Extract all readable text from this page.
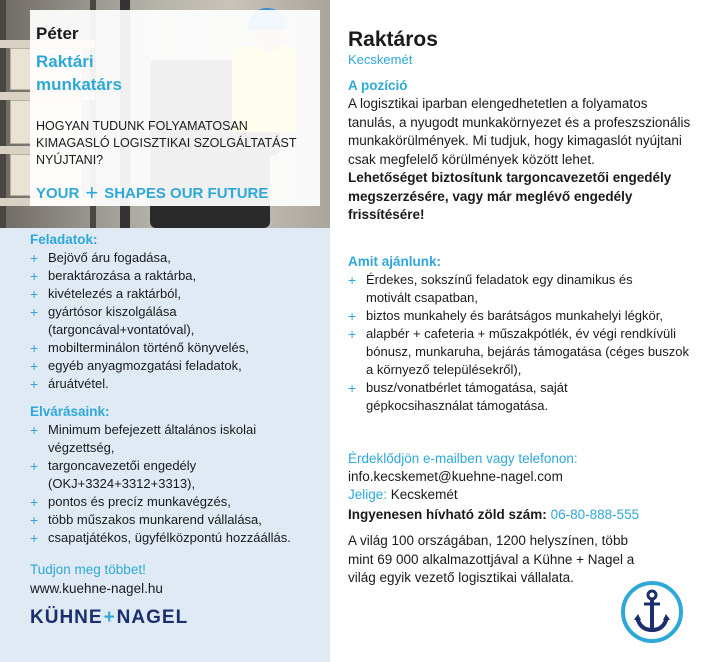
Péter
Raktári munkatárs
HOGYAN TUDUNK FOLYAMATOSAN KIMAGASLÓ LOGISZTIKAI SZOLGÁLTATÁST NYÚJTANI?
YOUR + SHAPES OUR FUTURE
Feladatok:
+ Bejövő áru fogadása,
+ beraktározása a raktárba,
+ kivételezés a raktárból,
+ gyártósor kiszolgálása (targoncával+vontatóval),
+ mobilterminálon történő könyvelés,
+ egyéb anyagmozgatási feladatok,
+ áruátvétel.
Elvárásaink:
+ Minimum befejezett általános iskolai végzettség,
+ targoncavezetői engedély (OKJ+3324+3312+3313),
+ pontos és precíz munkavégzés,
+ több műszakos munkarend vállalása,
+ csapatjátékos, ügyfélközpontú hozzáállás.
Tudjon meg többet!
www.kuehne-nagel.hu
KÜHNE+NAGEL
Raktáros
Kecskemét
A pozíció

A logisztikai iparban elengedhetetlen a folyamatos tanulás, a nyugodt munkakörnyezet és a profeszszionális munkakörülmények. Mi tudjuk, hogy kimagaslót nyújtani csak megfelelő körülmények között lehet.

Lehetőséget biztosítunk targoncavezetői engedély megszerzésére, vagy már meglévő engedély frissítésére!

Amit ajánlunk:
+ Érdekes, sokszínű feladatok egy dinamikus és motivált csapatban,
+ biztos munkahely és barátságos munkahelyi légkör,
+ alapbér + cafeteria + műszakpótlék, év végi rendkívüli bónusz, munkaruha, bejárás támogatása (céges buszok a környező településekről),
+ busz/vonatbérlet támogatása, saját gépkocsihasználat támogatása.
Érdeklődjön e-mailben vagy telefonon:
info.kecskemet@kuehne-nagel.com
Jelige: Kecskemét
Ingyenesen hívható zöld szám: 06-80-888-555
A világ 100 országában, 1200 helyszínen, több mint 69 000 alkalmazottjával a Kühne + Nagel a világ egyik vezető logisztikai vállalata.
